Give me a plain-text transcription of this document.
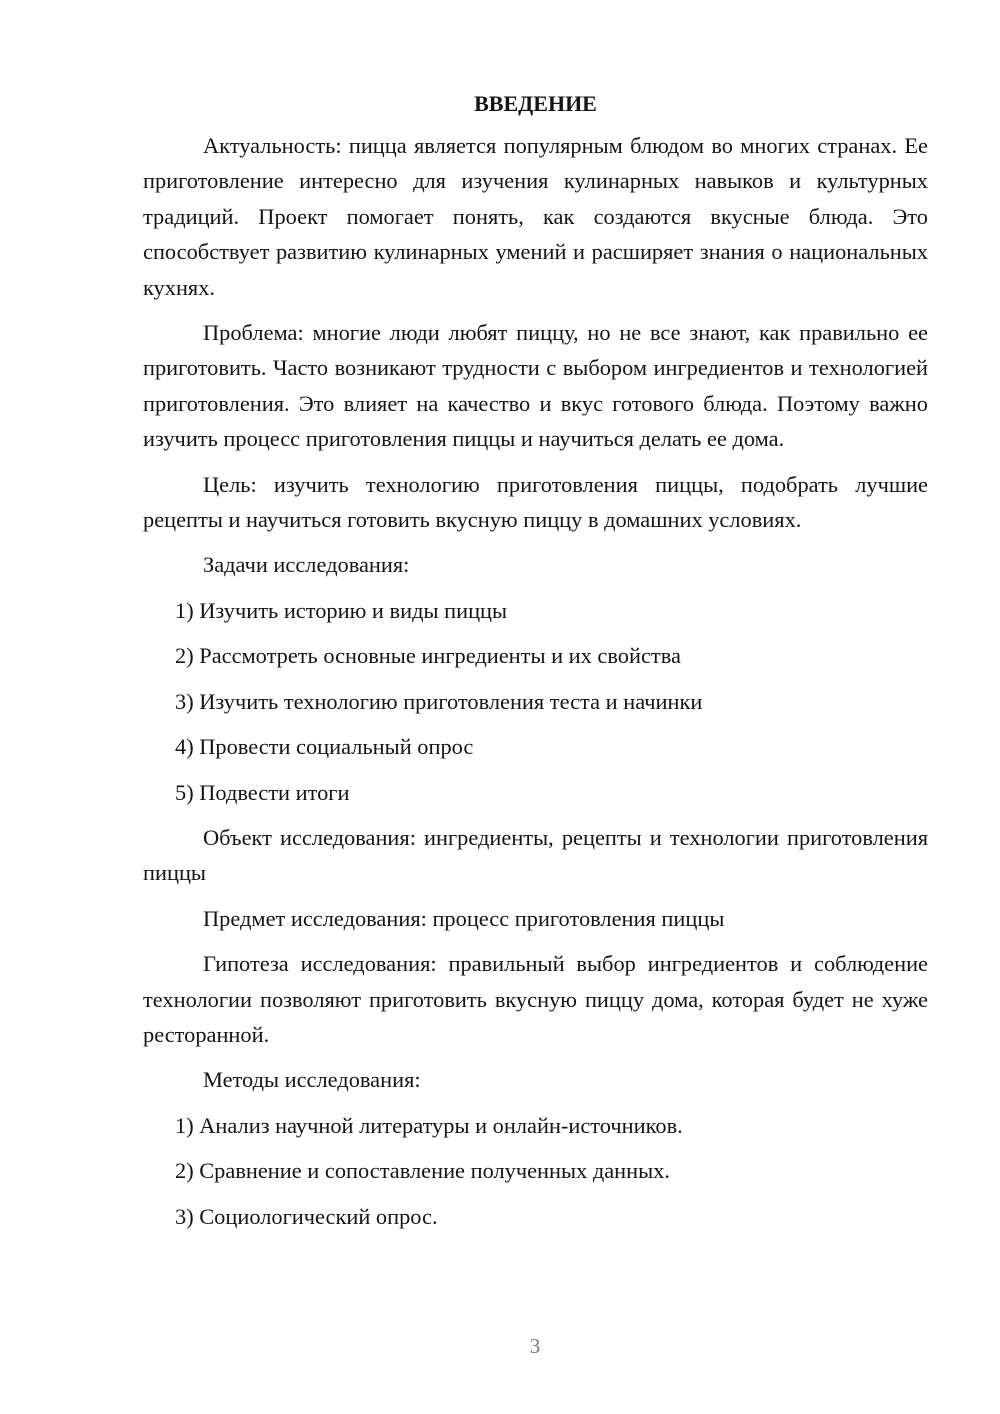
ВВЕДЕНИЕ
Актуальность: пицца является популярным блюдом во многих странах. Ее приготовление интересно для изучения кулинарных навыков и культурных традиций. Проект помогает понять, как создаются вкусные блюда. Это способствует развитию кулинарных умений и расширяет знания о национальных кухнях.
Проблема: многие люди любят пиццу, но не все знают, как правильно ее приготовить. Часто возникают трудности с выбором ингредиентов и технологией приготовления. Это влияет на качество и вкус готового блюда. Поэтому важно изучить процесс приготовления пиццы и научиться делать ее дома.
Цель: изучить технологию приготовления пиццы, подобрать лучшие рецепты и научиться готовить вкусную пиццу в домашних условиях.
Задачи исследования:
1) Изучить историю и виды пиццы
2) Рассмотреть основные ингредиенты и их свойства
3) Изучить технологию приготовления теста и начинки
4) Провести социальный опрос
5) Подвести итоги
Объект исследования: ингредиенты, рецепты и технологии приготовления пиццы
Предмет исследования: процесс приготовления пиццы
Гипотеза исследования: правильный выбор ингредиентов и соблюдение технологии позволяют приготовить вкусную пиццу дома, которая будет не хуже ресторанной.
Методы исследования:
1) Анализ научной литературы и онлайн-источников.
2) Сравнение и сопоставление полученных данных.
3) Социологический опрос.
3
